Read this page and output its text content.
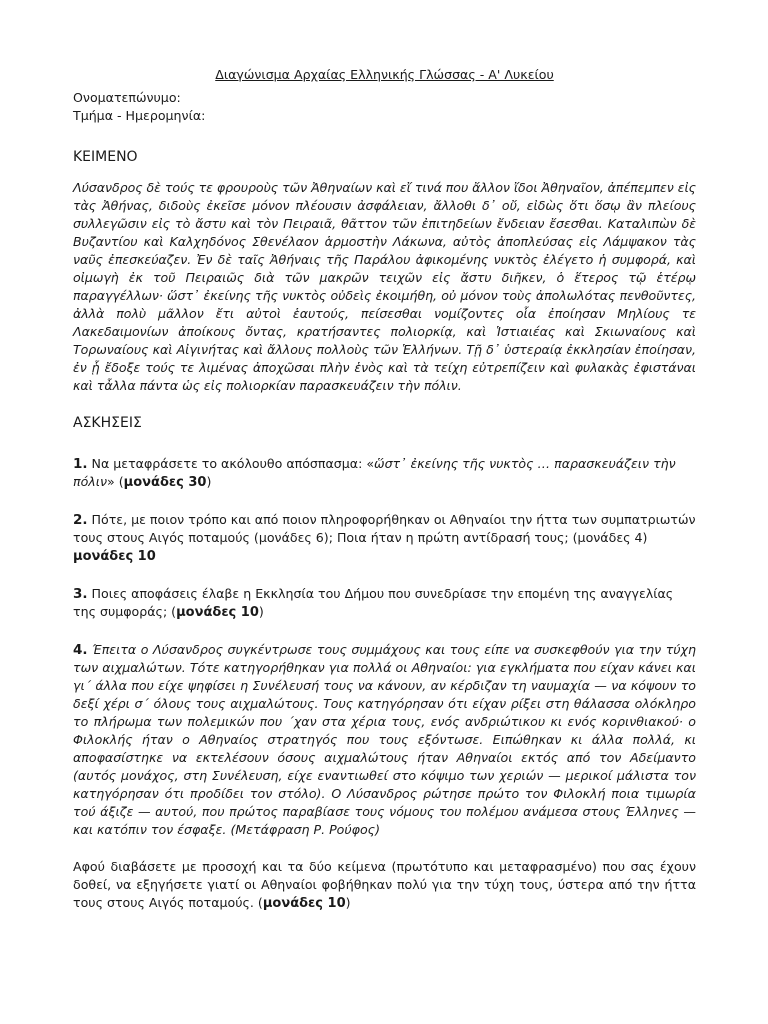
Διαγώνισμα Αρχαίας Ελληνικής Γλώσσας - Α' Λυκείου

Ονοματεπώνυμο:

Τμήμα - Ημερομηνία:

ΚΕΙΜΕΝΟ

Λύσανδρος δὲ τούς τε φρουροὺς τῶν Ἀθηναίων καὶ εἴ τινά που ἄλλον ἴδοι Ἀθηναῖον, ἀπέπεμπεν εἰς τὰς Ἀθήνας, διδοὺς ἐκεῖσε μόνον πλέουσιν ἀσφάλειαν, ἄλλοθι δ᾽ οὔ, εἰδὼς ὅτι ὅσῳ ἂν πλείους συλλεγῶσιν εἰς τὸ ἄστυ καὶ τὸν Πειραιᾶ, θᾶττον τῶν ἐπιτηδείων ἔνδειαν ἔσεσθαι. Καταλιπὼν δὲ Βυζαντίου καὶ Καλχηδόνος Σθενέλαον ἁρμοστὴν Λάκωνα, αὐτὸς ἀποπλεύσας εἰς Λάμψακον τὰς ναῦς ἐπεσκεύαζεν. Ἐν δὲ ταῖς Ἀθήναις τῆς Παράλου ἀφικομένης νυκτὸς ἐλέγετο ἡ συμφορά, καὶ οἰμωγὴ ἐκ τοῦ Πειραιῶς διὰ τῶν μακρῶν τειχῶν εἰς ἄστυ διῆκεν, ὁ ἕτερος τῷ ἑτέρῳ παραγγέλλων· ὥστ᾽ ἐκείνης τῆς νυκτὸς οὐδεὶς ἐκοιμήθη, οὐ μόνον τοὺς ἀπολωλότας πενθοῦντες, ἀλλὰ πολὺ μᾶλλον ἔτι αὐτοὶ ἑαυτούς, πείσεσθαι νομίζοντες οἷα ἐποίησαν Μηλίους τε Λακεδαιμονίων ἀποίκους ὄντας, κρατήσαντες πολιορκίᾳ, καὶ Ἱστιαιέας καὶ Σκιωναίους καὶ Τορωναίους καὶ Αἰγινήτας καὶ ἄλλους πολλοὺς τῶν Ἑλλήνων. Τῇ δ᾽ ὑστεραίᾳ ἐκκλησίαν ἐποίησαν, ἐν ᾗ ἔδοξε τούς τε λιμένας ἀποχῶσαι πλὴν ἑνὸς καὶ τὰ τείχη εὐτρεπίζειν καὶ φυλακὰς ἐφιστάναι καὶ τἆλλα πάντα ὡς εἰς πολιορκίαν παρασκευάζειν τὴν πόλιν.

ΑΣΚΗΣΕΙΣ

1. Να μεταφράσετε το ακόλουθο απόσπασμα: «ὥστ᾽ ἐκείνης τῆς νυκτὸς … παρασκευάζειν τὴν πόλιν» (μονάδες 30)

2. Πότε, με ποιον τρόπο και από ποιον πληροφορήθηκαν οι Αθηναίοι την ήττα των συμπατριωτών τους στους Αιγός ποταμούς (μονάδες 6); Ποια ήταν η πρώτη αντίδρασή τους; (μονάδες 4)
μονάδες 10

3. Ποιες αποφάσεις έλαβε η Εκκλησία του Δήμου που συνεδρίασε την επομένη της αναγγελίας της συμφοράς; (μονάδες 10)

4. Έπειτα ο Λύσανδρος συγκέντρωσε τους συμμάχους και τους είπε να συσκεφθούν για την τύχη των αιχμαλώτων. Τότε κατηγορήθηκαν για πολλά οι Αθηναίοι: για εγκλήματα που είχαν κάνει και γι΄ άλλα που είχε ψηφίσει η Συνέλευσή τους να κάνουν, αν κέρδιζαν τη ναυμαχία — να κόψουν το δεξί χέρι σ΄ όλους τους αιχμαλώτους. Τους κατηγόρησαν ότι είχαν ρίξει στη θάλασσα ολόκληρο το πλήρωμα των πολεμικών που ΄χαν στα χέρια τους, ενός ανδριώτικου κι ενός κορινθιακού· ο Φιλοκλής ήταν ο Αθηναίος στρατηγός που τους εξόντωσε. Ειπώθηκαν κι άλλα πολλά, κι αποφασίστηκε να εκτελέσουν όσους αιχμαλώτους ήταν Αθηναίοι εκτός από τον Αδείμαντο (αυτός μονάχος, στη Συνέλευση, είχε εναντιωθεί στο κόψιμο των χεριών — μερικοί μάλιστα τον κατηγόρησαν ότι προδίδει τον στόλο). Ο Λύσανδρος ρώτησε πρώτο τον Φιλοκλή ποια τιμωρία τού άξιζε — αυτού, που πρώτος παραβίασε τους νόμους του πολέμου ανάμεσα στους Έλληνες — και κατόπιν τον έσφαξε. (Μετάφραση Ρ. Ρούφος)

Αφού διαβάσετε με προσοχή και τα δύο κείμενα (πρωτότυπο και μεταφρασμένο) που σας έχουν δοθεί, να εξηγήσετε γιατί οι Αθηναίοι φοβήθηκαν πολύ για την τύχη τους, ύστερα από την ήττα τους στους Αιγός ποταμούς. (μονάδες 10)
